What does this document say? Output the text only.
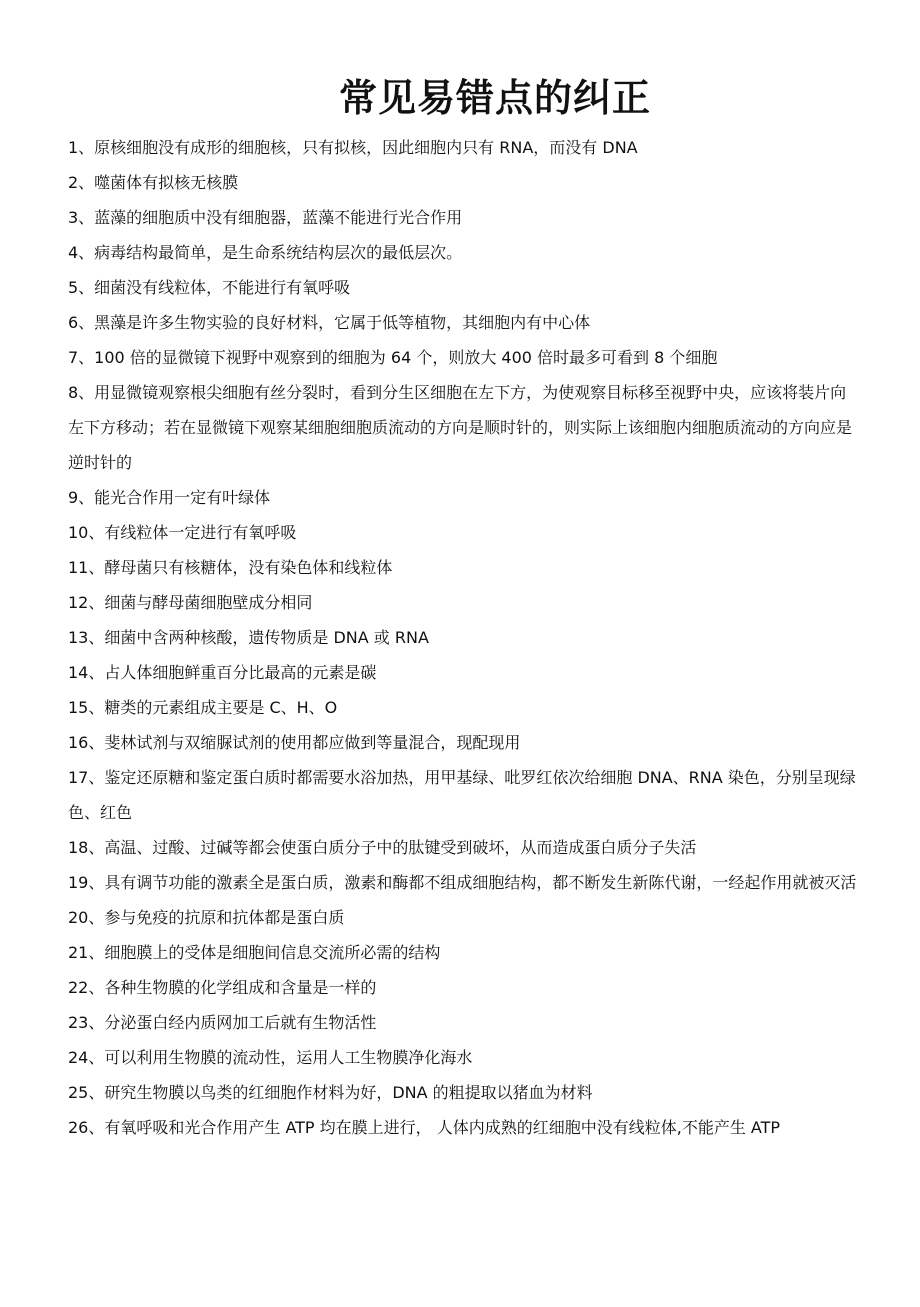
常见易错点的纠正
1、原核细胞没有成形的细胞核，只有拟核，因此细胞内只有 RNA，而没有 DNA
2、噬菌体有拟核无核膜
3、蓝藻的细胞质中没有细胞器，蓝藻不能进行光合作用
4、病毒结构最简单，是生命系统结构层次的最低层次。
5、细菌没有线粒体，不能进行有氧呼吸
6、黑藻是许多生物实验的良好材料，它属于低等植物，其细胞内有中心体
7、100 倍的显微镜下视野中观察到的细胞为 64 个，则放大 400 倍时最多可看到 8 个细胞
8、用显微镜观察根尖细胞有丝分裂时，看到分生区细胞在左下方，为使观察目标移至视野中央，应该将装片向左下方移动；若在显微镜下观察某细胞细胞质流动的方向是顺时针的，则实际上该细胞内细胞质流动的方向应是逆时针的
9、能光合作用一定有叶绿体
10、有线粒体一定进行有氧呼吸
11、酵母菌只有核糖体，没有染色体和线粒体
12、细菌与酵母菌细胞壁成分相同
13、细菌中含两种核酸，遗传物质是 DNA 或 RNA
14、占人体细胞鲜重百分比最高的元素是碳
15、糖类的元素组成主要是 C、H、O
16、斐林试剂与双缩脲试剂的使用都应做到等量混合，现配现用
17、鉴定还原糖和鉴定蛋白质时都需要水浴加热，用甲基绿、吡罗红依次给细胞 DNA、RNA 染色，分别呈现绿色、红色
18、高温、过酸、过碱等都会使蛋白质分子中的肽键受到破坏，从而造成蛋白质分子失活
19、具有调节功能的激素全是蛋白质，激素和酶都不组成细胞结构，都不断发生新陈代谢，一经起作用就被灭活
20、参与免疫的抗原和抗体都是蛋白质
21、细胞膜上的受体是细胞间信息交流所必需的结构
22、各种生物膜的化学组成和含量是一样的
23、分泌蛋白经内质网加工后就有生物活性
24、可以利用生物膜的流动性，运用人工生物膜净化海水
25、研究生物膜以鸟类的红细胞作材料为好，DNA 的粗提取以猪血为材料
26、有氧呼吸和光合作用产生 ATP 均在膜上进行， 人体内成熟的红细胞中没有线粒体,不能产生 ATP
